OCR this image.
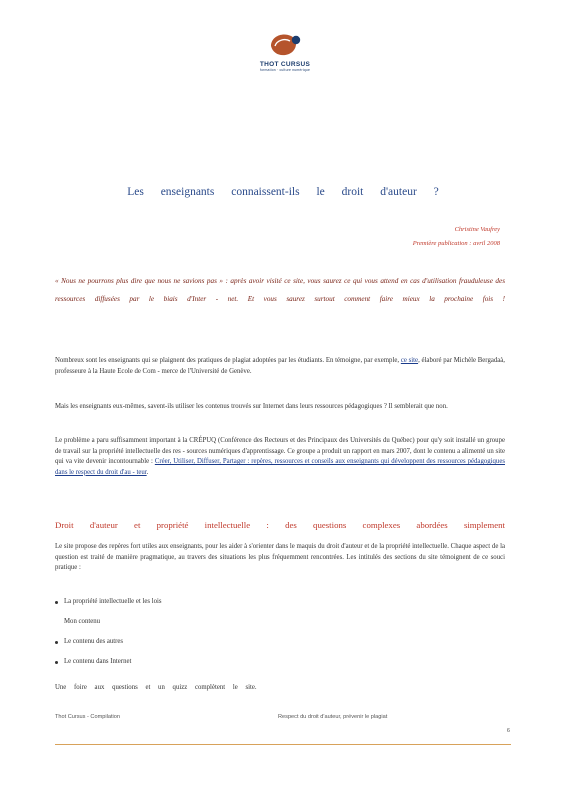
THOT CURSUS
formation · culture numérique
Les enseignants connaissent-ils le droit d'auteur ?
Christine Vaufrey
Première publication : avril 2008
« Nous ne pourrons plus dire que nous ne savions pas » : après avoir visité ce site, vous saurez ce qui vous attend en cas d'utilisation frauduleuse des ressources diffusées par le biais d'Inter - net. Et vous saurez surtout comment faire mieux la prochaine fois !
Nombreux sont les enseignants qui se plaignent des pratiques de plagiat adoptées par les étudiants. En témoigne, par exemple, ce site, élaboré par Michèle Bergadaà, professeure à la Haute Ecole de Com - merce de l'Université de Genève.
Mais les enseignants eux-mêmes, savent-ils utiliser les contenus trouvés sur Internet dans leurs ressources pédagogiques ? Il semblerait que non.
Le problème a paru suffisamment important à la CRÉPUQ (Conférence des Recteurs et des Principaux des Universités du Québec) pour qu'y soit installé un groupe de travail sur la propriété intellectuelle des res - sources numériques d'apprentissage. Ce groupe a produit un rapport en mars 2007, dont le contenu a alimenté un site qui va vite devenir incontournable : Créer, Utiliser, Diffuser, Partager : repères, ressources et conseils aux enseignants qui développent des ressources pédagogiques dans le respect du droit d'au - teur.
Droit d'auteur et propriété intellectuelle : des questions complexes abordées simplement
Le site propose des repères fort utiles aux enseignants, pour les aider à s'orienter dans le maquis du droit d'auteur et de la propriété intellectuelle. Chaque aspect de la question est traité de manière pragmatique, au travers des situations les plus fréquemment rencontrées. Les intitulés des sections du site témoignent de ce souci pratique :
La propriété intellectuelle et les lois
Mon contenu
Le contenu des autres
Le contenu dans Internet
Une foire aux questions et un quizz complètent le site.
Thot Cursus - Compilation	Respect du droit d'auteur, prévenir le plagiat
6
